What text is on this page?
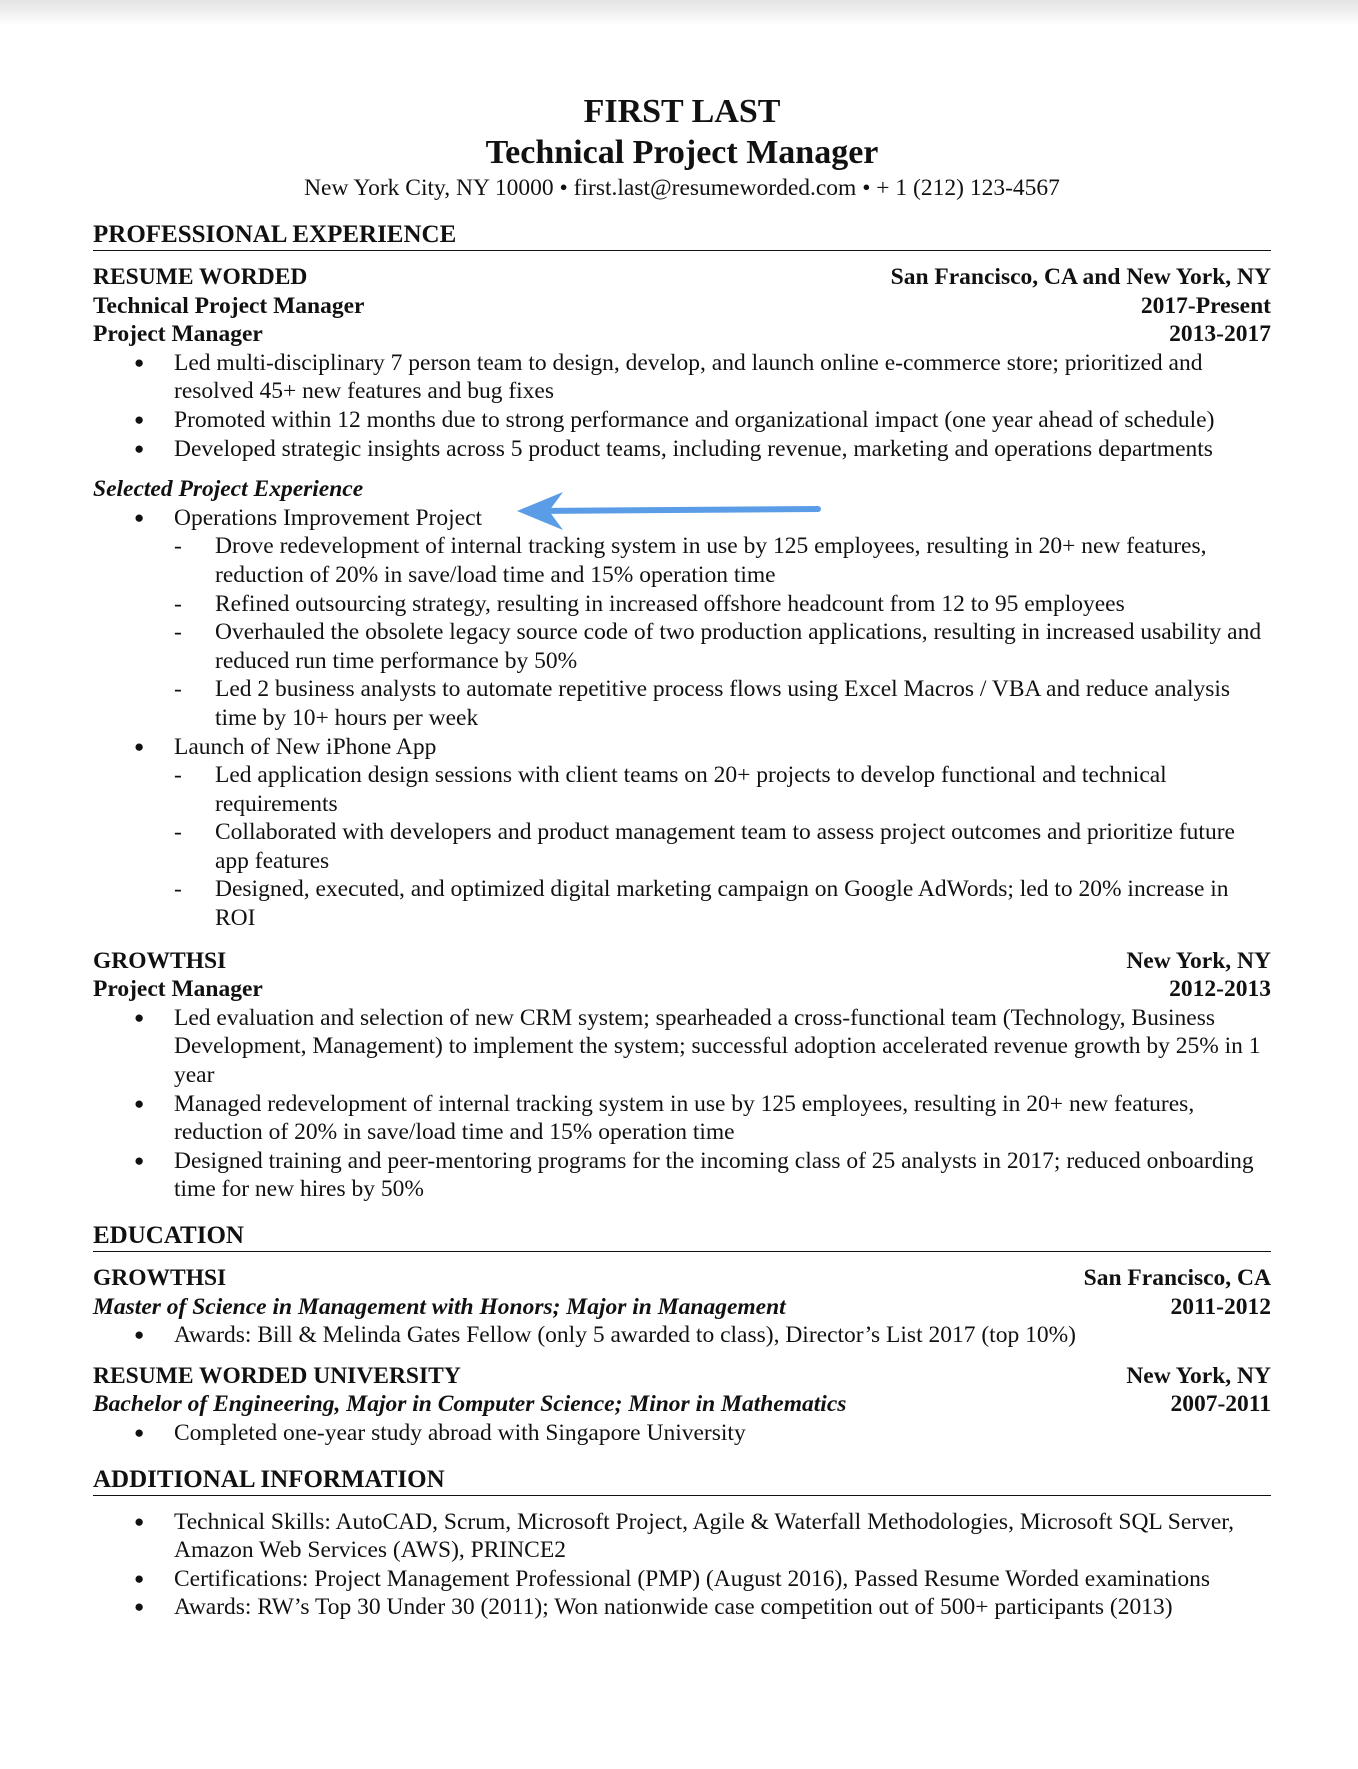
FIRST LAST
Technical Project Manager
New York City, NY 10000 • first.last@resumeworded.com • + 1 (212) 123-4567
PROFESSIONAL EXPERIENCE
RESUME WORDED	San Francisco, CA and New York, NY
Technical Project Manager	2017-Present
Project Manager	2013-2017
● Led multi-disciplinary 7 person team to design, develop, and launch online e-commerce store; prioritized and resolved 45+ new features and bug fixes
● Promoted within 12 months due to strong performance and organizational impact (one year ahead of schedule)
● Developed strategic insights across 5 product teams, including revenue, marketing and operations departments
Selected Project Experience
● Operations Improvement Project
- Drove redevelopment of internal tracking system in use by 125 employees, resulting in 20+ new features, reduction of 20% in save/load time and 15% operation time
- Refined outsourcing strategy, resulting in increased offshore headcount from 12 to 95 employees
- Overhauled the obsolete legacy source code of two production applications, resulting in increased usability and reduced run time performance by 50%
- Led 2 business analysts to automate repetitive process flows using Excel Macros / VBA and reduce analysis time by 10+ hours per week
● Launch of New iPhone App
- Led application design sessions with client teams on 20+ projects to develop functional and technical requirements
- Collaborated with developers and product management team to assess project outcomes and prioritize future app features
- Designed, executed, and optimized digital marketing campaign on Google AdWords; led to 20% increase in ROI
GROWTHSI	New York, NY
Project Manager	2012-2013
● Led evaluation and selection of new CRM system; spearheaded a cross-functional team (Technology, Business Development, Management) to implement the system; successful adoption accelerated revenue growth by 25% in 1 year
● Managed redevelopment of internal tracking system in use by 125 employees, resulting in 20+ new features, reduction of 20% in save/load time and 15% operation time
● Designed training and peer-mentoring programs for the incoming class of 25 analysts in 2017; reduced onboarding time for new hires by 50%
EDUCATION
GROWTHSI	San Francisco, CA
Master of Science in Management with Honors; Major in Management	2011-2012
● Awards: Bill & Melinda Gates Fellow (only 5 awarded to class), Director’s List 2017 (top 10%)
RESUME WORDED UNIVERSITY	New York, NY
Bachelor of Engineering, Major in Computer Science; Minor in Mathematics	2007-2011
● Completed one-year study abroad with Singapore University
ADDITIONAL INFORMATION
● Technical Skills: AutoCAD, Scrum, Microsoft Project, Agile & Waterfall Methodologies, Microsoft SQL Server, Amazon Web Services (AWS), PRINCE2
● Certifications: Project Management Professional (PMP) (August 2016), Passed Resume Worded examinations
● Awards: RW’s Top 30 Under 30 (2011); Won nationwide case competition out of 500+ participants (2013)
